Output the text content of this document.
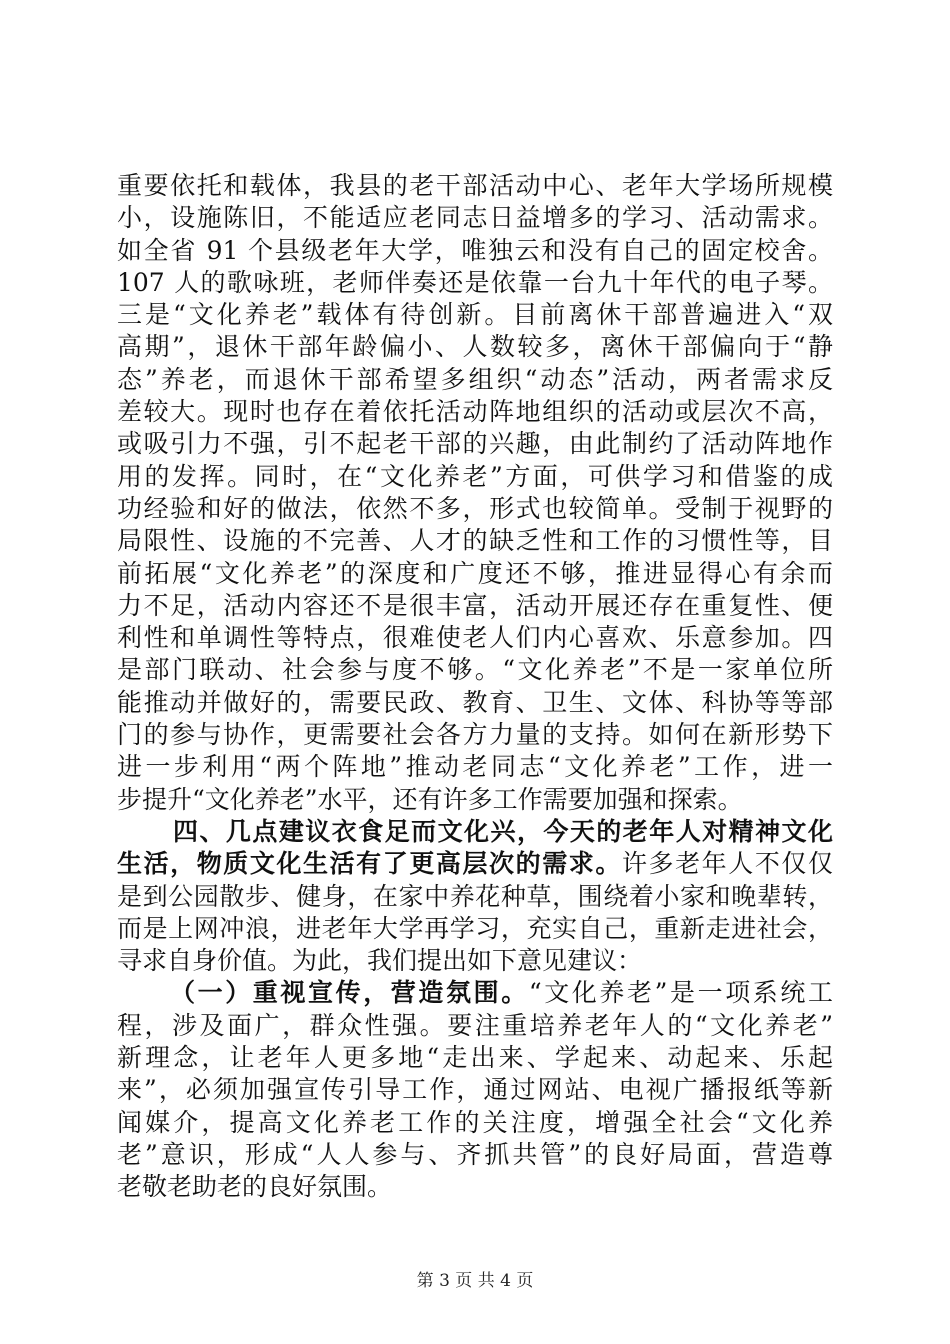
重要依托和载体，我县的老干部活动中心、老年大学场所规模
小，设施陈旧，不能适应老同志日益增多的学习、活动需求。
如全省 91 个县级老年大学，唯独云和没有自己的固定校舍。
107 人的歌咏班，老师伴奏还是依靠一台九十年代的电子琴。
三是“文化养老”载体有待创新。目前离休干部普遍进入“双
高期”，退休干部年龄偏小、人数较多，离休干部偏向于“静
态”养老，而退休干部希望多组织“动态”活动，两者需求反
差较大。现时也存在着依托活动阵地组织的活动或层次不高，
或吸引力不强，引不起老干部的兴趣，由此制约了活动阵地作
用的发挥。同时，在“文化养老”方面，可供学习和借鉴的成
功经验和好的做法，依然不多，形式也较简单。受制于视野的
局限性、设施的不完善、人才的缺乏性和工作的习惯性等，目
前拓展“文化养老”的深度和广度还不够，推进显得心有余而
力不足，活动内容还不是很丰富，活动开展还存在重复性、便
利性和单调性等特点，很难使老人们内心喜欢、乐意参加。四
是部门联动、社会参与度不够。“文化养老”不是一家单位所
能推动并做好的，需要民政、教育、卫生、文体、科协等等部
门的参与协作，更需要社会各方力量的支持。如何在新形势下
进一步利用“两个阵地”推动老同志“文化养老”工作，进一
步提升“文化养老”水平，还有许多工作需要加强和探索。
四、几点建议衣食足而文化兴，今天的老年人对精神文化
生活，物质文化生活有了更高层次的需求。许多老年人不仅仅
是到公园散步、健身，在家中养花种草，围绕着小家和晚辈转，
而是上网冲浪，进老年大学再学习，充实自己，重新走进社会，
寻求自身价值。为此，我们提出如下意见建议：
（一）重视宣传，营造氛围。“文化养老”是一项系统工
程，涉及面广，群众性强。要注重培养老年人的“文化养老”
新理念，让老年人更多地“走出来、学起来、动起来、乐起
来”，必须加强宣传引导工作，通过网站、电视广播报纸等新
闻媒介，提高文化养老工作的关注度，增强全社会“文化养
老”意识，形成“人人参与、齐抓共管”的良好局面，营造尊
老敬老助老的良好氛围。
第 3 页 共 4 页
